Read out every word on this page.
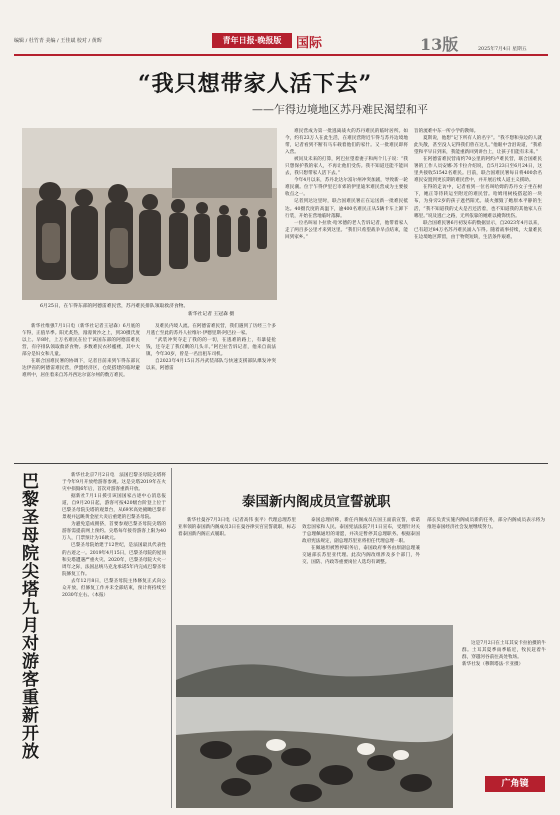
编辑 / 杜竹青 美编 / 王佳斌 校对 / 黄晖	青年日报·晚报版	国际	13版	2025年7月4日 星期五
“我只想带家人活下去”
——乍得边境地区苏丹难民渴望和平
6月25日，在乍得东部的阿德雷难民营，苏丹难民排队领取救济食物。
新华社记者 王冠森 摄

新华社维强7月1日电（新华社记者王冠森）6月底的乍得，正值旱季。阳光炙热，漫漫黄沙之上，到30摄氏度以上。早8时，上万名难民在位于该国东部的阿德雷难民营，有序排队领取救济食物。多数难民衣衫褴褛，其中大部分是妇女和儿童。

在联合国难民署的协调下，记者目前来到乍得东部瓦达伊省的阿德雷难民营，伊盟经济区，仓促搭建的临时避难所中，居住着来自苏丹西达尔富尔州的数万难民。

及难民内境人流。在阿德雷难民营，我们遇到了历经三个多月逃亡至此的苏丹人拉维尔·伊德里斯·阿巴拉一家。

“武装冲突夺走了我的的一切，在逃难的路上，有暴徒抢钱，还夺走了我仅剩的几头羊。”阿巴拉告诉记者，他来自南法镇，今年30岁，曾是一名出租车司机。

自2023年4月15日苏丹武装部队与快速支援部队爆发冲突以来，阿德雷

难民营成为第一批逃离战火的苏丹难民的临时居所。如今，约有23万人在此生活，在难民营附近乍得与苏丹边境地带，记者看到不断有马车载着他们的家什。又一批难民即将入营。

被问及未来的打算，阿巴拉望着妻子和两个儿子说：“我只想保护我的家人，不再让他们受伤。我不知道还能不能回去，我只想带家人活下去。”

今年4月以来，苏丹北达尔富尔州冲突加剧，导致新一轮难民潮。位于乍得伊里巴市郊的伊里迪米难民营成为主要接收点之一。

记者到达这里时，联合国难民署正在运送新一批难民抵达。40摄氏度的高温下，逾400名难民正从5辆卡车上卸下行装，开始在营地临时落脚。

一位名叫易卜拉欣·哈米德的老人告诉记者，他带着家人走了两百多公里才来到这里。“我们只希望战争早点结束，能回到家乡。”

旨的流难中东一所小学的教师。

夏斯说，他想“记下所有人的名字”。“我不想和身边的人就此失散，甚至没人记得我们曾在这儿。”他眼中含泪说道，“我希望和平早日到来，我能重新回到讲台上，让孩子们能有未来。”

在阿德雷难民营南约70公里的阿约卢难民营，联合国难民署的工作人员安娜·苏卡拉介绍说，自5月23日至6月24日，这里共接收51542名难民。目前，联合国难民署每日将400余名难民安置到更长期的难民营中，并开展后续人道主义援助。

在得的走访中，记者看到一位名叫哈姆的苏丹女子坐在树下，她正等待转运至附近的难民营。哈姆用树枝搭起的一块布，为身旁2岁的孩子遮挡阳光。战火摧毁了她原本平静的生活，“我不知道我的丈夫是否还活着，也不知道我的其他家人在哪里。”说及逃亡之路，无所依靠的她难以掩饰忧伤。

联合国难民署6月初发布的数据显示，自2023年4月以来，已有超过84万名苏丹难民涌入乍得。随着战事持续，大量难民在边境地区滞留，由于物资短缺，生活条件艰难。

巴黎圣母院尖塔九月对游客重新开放	新华社北京7月2日电　法国巴黎圣母院尖塔将于今年9月开放给游客参观。这是尖塔2019年在火灾中损毁6年后，首次对游客重新开放。

据新社7月1日援引该国国家古迹中心消息报道，自9月20日起，游客可按420级台阶登上位于巴黎圣母院尖塔的观景台，从69米高处俯瞰巴黎市景观并远眺黄金屋大炎后重建的巴黎圣母院。

为避免造成拥挤，首要参观巴黎圣母院尖塔的游客需提前网上预约。尖塔每年接待游客上限为40万人，门票预计为16欧元。

巴黎圣母院始建于12世纪，是法国最具代表性的古迹之一。2019年4月15日，巴黎圣母院的屋顶和尖塔遭遇严重火灾。2020年，巴黎圣母院大火一周年之际，法国总统马克龙承诺5年内完成巴黎圣母院修复工作。

去年12月8日，巴黎圣母院主体修复正式向公众开放，但修复工作并未全部结束，预计将持续至2030年左右。（本报）

泰国新内阁成员宣誓就职

新华社曼谷7月3日电（记者高伟 张平）代理总理苏里亚率领的泰国新内阁成员3日在曼谷律实宫宣誓就职，标志着泰国新内阁正式履职。

泰国总理府称，新任内阁成员在国王面前宣誓，承诺效忠国家和人民。泰国宪法法院7月1日宣布，受理针对关于总理佩通坦的请愿，并决定暂停其总理职务。根据泰国政府宪法规定，副总理苏里亚将担任代理总理一职。

在佩通坦被暂停职务后，泰国政府事务由原副总理兼交通部长苏里亚代理。此次内阁改组涉及多个部门，外交、国防、内政等重要岗位人选均有调整。

部长负责实施内阁成员新的任务，部分内阁成员表示将为推进泰国经济社会发展继续努力。

这是7月2日在土耳其安卡拉拍摄的牛群。土耳其夏季雨季临近，牧民赶着牛群，穿越河谷前往高处牧场。

新华社发（穆斯塔法·卡亚摄）

广角镜
